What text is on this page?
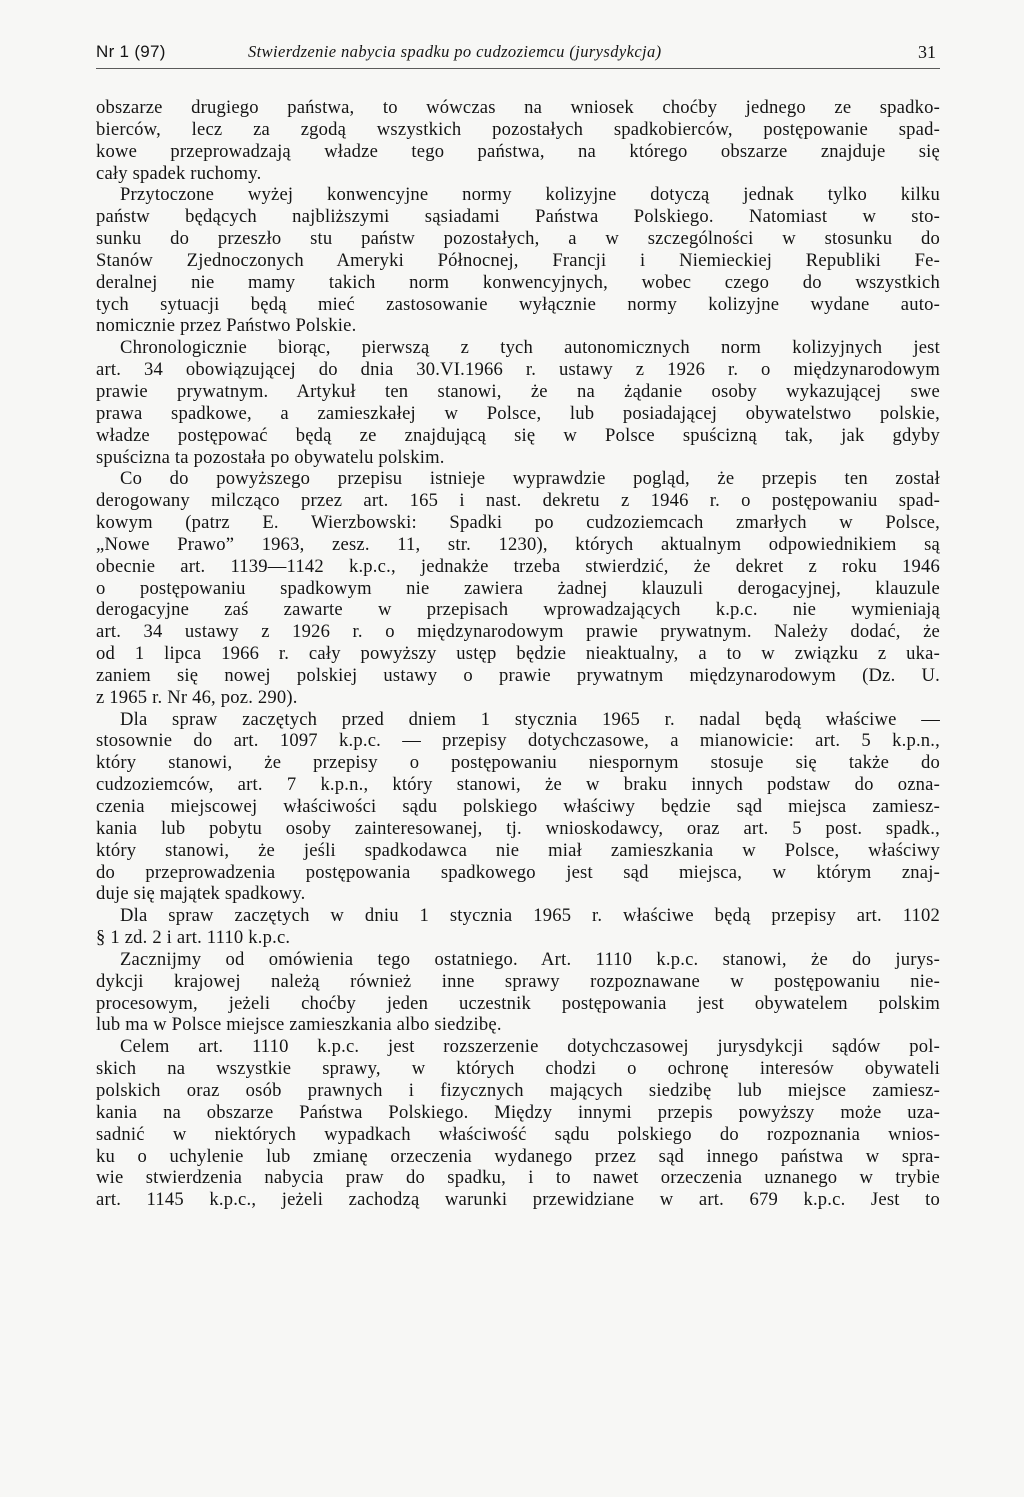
Nr 1 (97)	Stwierdzenie nabycia spadku po cudzoziemcu (jurysdykcja)	31
obszarze drugiego państwa, to wówczas na wniosek choćby jednego ze spadko-
bierców, lecz za zgodą wszystkich pozostałych spadkobierców, postępowanie spad-
kowe przeprowadzają władze tego państwa, na którego obszarze znajduje się
cały spadek ruchomy.
Przytoczone wyżej konwencyjne normy kolizyjne dotyczą jednak tylko kilku
państw będących najbliższymi sąsiadami Państwa Polskiego. Natomiast w sto-
sunku do przeszło stu państw pozostałych, a w szczególności w stosunku do
Stanów Zjednoczonych Ameryki Północnej, Francji i Niemieckiej Republiki Fe-
deralnej nie mamy takich norm konwencyjnych, wobec czego do wszystkich
tych sytuacji będą mieć zastosowanie wyłącznie normy kolizyjne wydane auto-
nomicznie przez Państwo Polskie.
Chronologicznie biorąc, pierwszą z tych autonomicznych norm kolizyjnych jest
art. 34 obowiązującej do dnia 30.VI.1966 r. ustawy z 1926 r. o międzynarodowym
prawie prywatnym. Artykuł ten stanowi, że na żądanie osoby wykazującej swe
prawa spadkowe, a zamieszkałej w Polsce, lub posiadającej obywatelstwo polskie,
władze postępować będą ze znajdującą się w Polsce spuścizną tak, jak gdyby
spuścizna ta pozostała po obywatelu polskim.
Co do powyższego przepisu istnieje wyprawdzie pogląd, że przepis ten został
derogowany milcząco przez art. 165 i nast. dekretu z 1946 r. o postępowaniu spad-
kowym (patrz E. Wierzbowski: Spadki po cudzoziemcach zmarłych w Polsce,
„Nowe Prawo” 1963, zesz. 11, str. 1230), których aktualnym odpowiednikiem są
obecnie art. 1139—1142 k.p.c., jednakże trzeba stwierdzić, że dekret z roku 1946
o postępowaniu spadkowym nie zawiera żadnej klauzuli derogacyjnej, klauzule
derogacyjne zaś zawarte w przepisach wprowadzających k.p.c. nie wymieniają
art. 34 ustawy z 1926 r. o międzynarodowym prawie prywatnym. Należy dodać, że
od 1 lipca 1966 r. cały powyższy ustęp będzie nieaktualny, a to w związku z uka-
zaniem się nowej polskiej ustawy o prawie prywatnym międzynarodowym (Dz. U.
z 1965 r. Nr 46, poz. 290).
Dla spraw zaczętych przed dniem 1 stycznia 1965 r. nadal będą właściwe —
stosownie do art. 1097 k.p.c. — przepisy dotychczasowe, a mianowicie: art. 5 k.p.n.,
który stanowi, że przepisy o postępowaniu niespornym stosuje się także do
cudzoziemców, art. 7 k.p.n., który stanowi, że w braku innych podstaw do ozna-
czenia miejscowej właściwości sądu polskiego właściwy będzie sąd miejsca zamiesz-
kania lub pobytu osoby zainteresowanej, tj. wnioskodawcy, oraz art. 5 post. spadk.,
który stanowi, że jeśli spadkodawca nie miał zamieszkania w Polsce, właściwy
do przeprowadzenia postępowania spadkowego jest sąd miejsca, w którym znaj-
duje się majątek spadkowy.
Dla spraw zaczętych w dniu 1 stycznia 1965 r. właściwe będą przepisy art. 1102
§ 1 zd. 2 i art. 1110 k.p.c.
Zacznijmy od omówienia tego ostatniego. Art. 1110 k.p.c. stanowi, że do jurys-
dykcji krajowej należą również inne sprawy rozpoznawane w postępowaniu nie-
procesowym, jeżeli choćby jeden uczestnik postępowania jest obywatelem polskim
lub ma w Polsce miejsce zamieszkania albo siedzibę.
Celem art. 1110 k.p.c. jest rozszerzenie dotychczasowej jurysdykcji sądów pol-
skich na wszystkie sprawy, w których chodzi o ochronę interesów obywateli
polskich oraz osób prawnych i fizycznych mających siedzibę lub miejsce zamiesz-
kania na obszarze Państwa Polskiego. Między innymi przepis powyższy może uza-
sadnić w niektórych wypadkach właściwość sądu polskiego do rozpoznania wnios-
ku o uchylenie lub zmianę orzeczenia wydanego przez sąd innego państwa w spra-
wie stwierdzenia nabycia praw do spadku, i to nawet orzeczenia uznanego w trybie
art. 1145 k.p.c., jeżeli zachodzą warunki przewidziane w art. 679 k.p.c. Jest to
